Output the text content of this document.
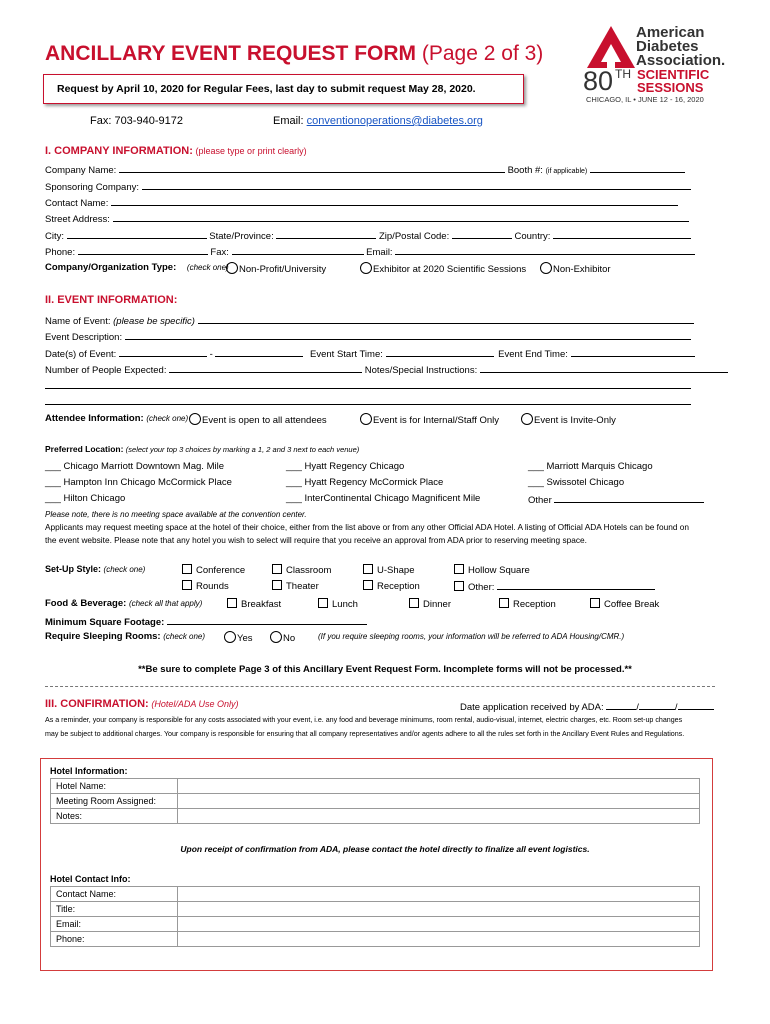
ANCILLARY EVENT REQUEST FORM (Page 2 of 3)
Request by April 10, 2020 for Regular Fees, last day to submit request May 28, 2020.
Fax: 703-940-9172	Email: conventionoperations@diabetes.org
American
Diabetes
Association.
80 TH SCIENTIFIC
SESSIONS
CHICAGO, IL • JUNE 12 - 16, 2020
I. COMPANY INFORMATION: (please type or print clearly)
Company Name:	Booth #: (if applicable)
Sponsoring Company:
Contact Name:
Street Address:
City:	State/Province:	Zip/Postal Code:	Country:
Phone:	Fax:	Email:
Company/Organization Type: (check one)	Non-Profit/University	Exhibitor at 2020 Scientific Sessions	Non-Exhibitor
II. EVENT INFORMATION:
Name of Event: (please be specific)
Event Description:
Date(s) of Event:	-	Event Start Time:	Event End Time:
Number of People Expected:	Notes/Special Instructions:
Attendee Information: (check one)	Event is open to all attendees	Event is for Internal/Staff Only	Event is Invite-Only
Preferred Location: (select your top 3 choices by marking a 1, 2 and 3 next to each venue)
___ Chicago Marriott Downtown Mag. Mile	___ Hyatt Regency Chicago	___ Marriott Marquis Chicago
___ Hampton Inn Chicago McCormick Place	___ Hyatt Regency McCormick Place	___ Swissotel Chicago
___ Hilton Chicago	___ InterContinental Chicago Magnificent Mile	Other
Please note, there is no meeting space available at the convention center.
Applicants may request meeting space at the hotel of their choice, either from the list above or from any other Official ADA Hotel. A listing of Official ADA Hotels can be found on
the event website. Please note that any hotel you wish to select will require that you receive an approval from ADA prior to reserving meeting space.
Set-Up Style: (check one)	Conference	Classroom	U-Shape	Hollow Square
Rounds	Theater	Reception	Other:
Food & Beverage: (check all that apply)	Breakfast	Lunch	Dinner	Reception	Coffee Break
Minimum Square Footage:
Require Sleeping Rooms: (check one)	Yes	No	(If you require sleeping rooms, your information will be referred to ADA Housing/CMR.)
**Be sure to complete Page 3 of this Ancillary Event Request Form. Incomplete forms will not be processed.**
III. CONFIRMATION: (Hotel/ADA Use Only)	Date application received by ADA:	/	/
As a reminder, your company is responsible for any costs associated with your event, i.e. any food and beverage minimums, room rental, audio-visual, internet, electric charges, etc. Room set-up changes
may be subject to additional charges. Your company is responsible for ensuring that all company representatives and/or agents adhere to all the rules set forth in the Ancillary Event Rules and Regulations.
Hotel Information:
Hotel Name:	
Meeting Room Assigned:	
Notes:	
Upon receipt of confirmation from ADA, please contact the hotel directly to finalize all event logistics.
Hotel Contact Info:
Contact Name:	
Title:	
Email:	
Phone:	
